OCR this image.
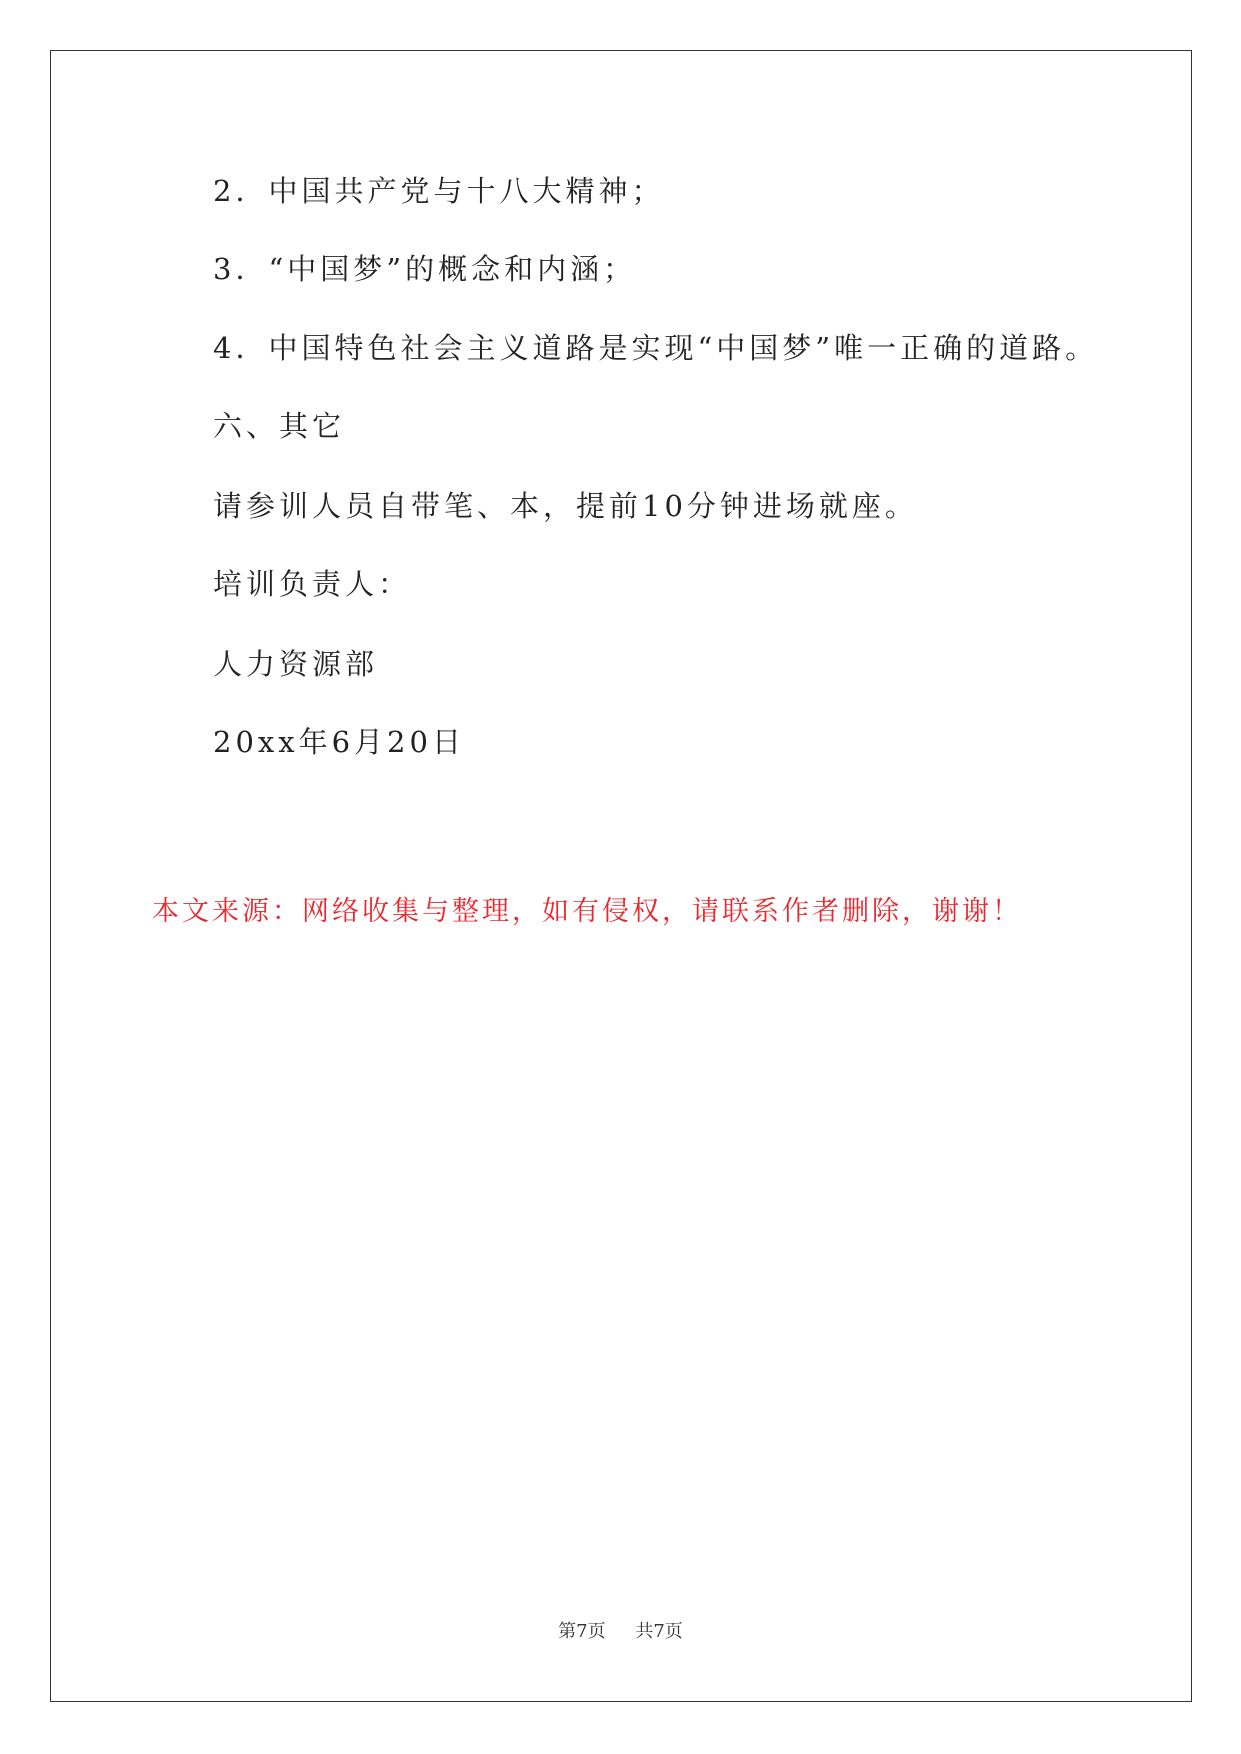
2．中国共产党与十八大精神；
3．“中国梦”的概念和内涵；
4．中国特色社会主义道路是实现“中国梦”唯一正确的道路。
六、其它
请参训人员自带笔、本，提前10分钟进场就座。
培训负责人：
人力资源部
20xx年6月20日
本文来源：网络收集与整理，如有侵权，请联系作者删除，谢谢！
第7页 共7页
